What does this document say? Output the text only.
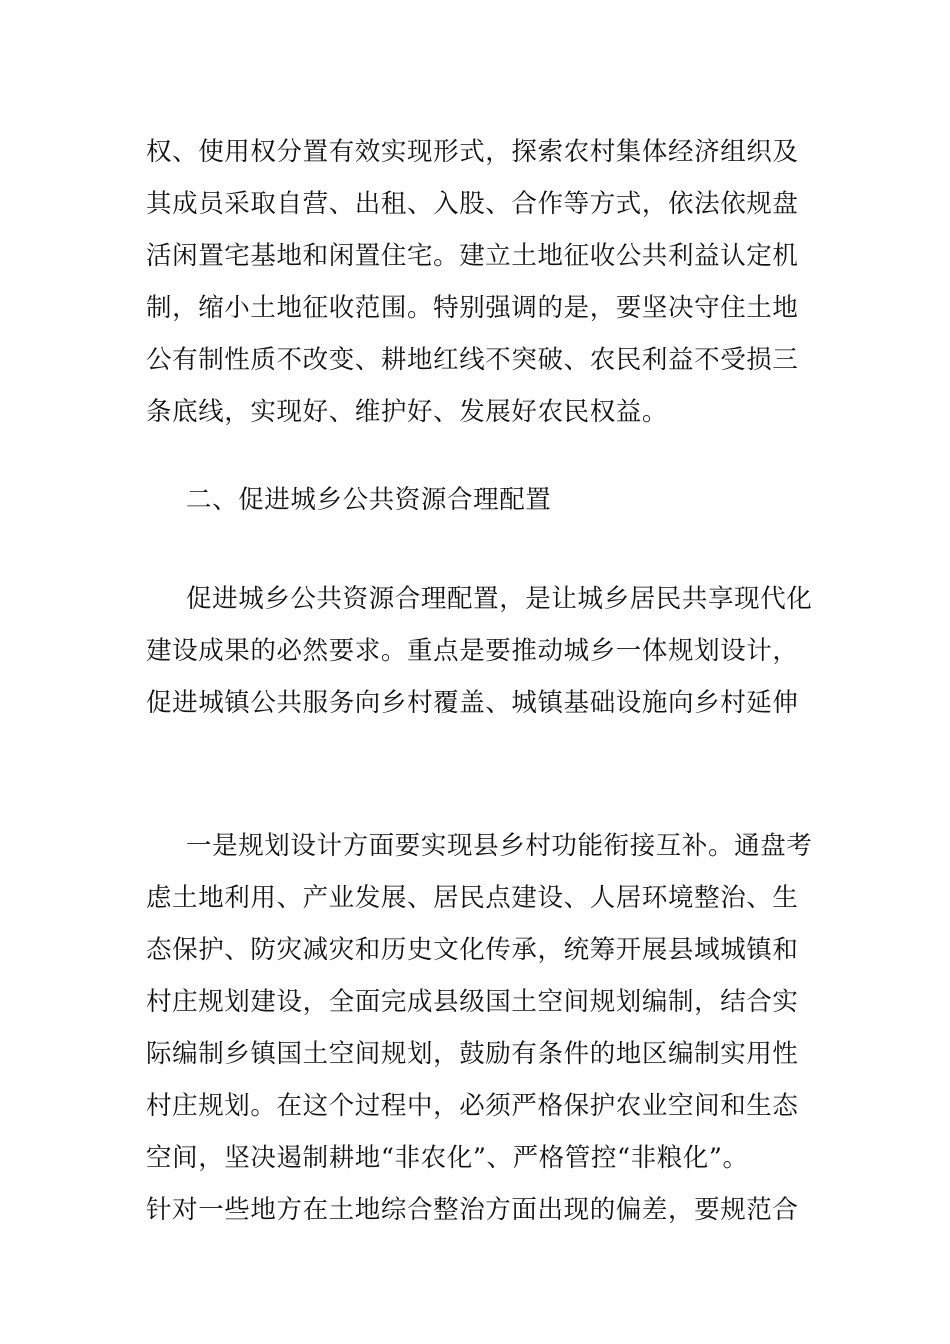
权、使用权分置有效实现形式，探索农村集体经济组织及
其成员采取自营、出租、入股、合作等方式，依法依规盘
活闲置宅基地和闲置住宅。建立土地征收公共利益认定机
制，缩小土地征收范围。特别强调的是，要坚决守住土地
公有制性质不改变、耕地红线不突破、农民利益不受损三
条底线，实现好、维护好、发展好农民权益。
二、促进城乡公共资源合理配置
促进城乡公共资源合理配置，是让城乡居民共享现代化
建设成果的必然要求。重点是要推动城乡一体规划设计，
促进城镇公共服务向乡村覆盖、城镇基础设施向乡村延伸
一是规划设计方面要实现县乡村功能衔接互补。通盘考
虑土地利用、产业发展、居民点建设、人居环境整治、生
态保护、防灾减灾和历史文化传承，统筹开展县域城镇和
村庄规划建设，全面完成县级国土空间规划编制，结合实
际编制乡镇国土空间规划，鼓励有条件的地区编制实用性
村庄规划。在这个过程中，必须严格保护农业空间和生态
空间，坚决遏制耕地“非农化”、严格管控“非粮化”。
针对一些地方在土地综合整治方面出现的偏差，要规范合
